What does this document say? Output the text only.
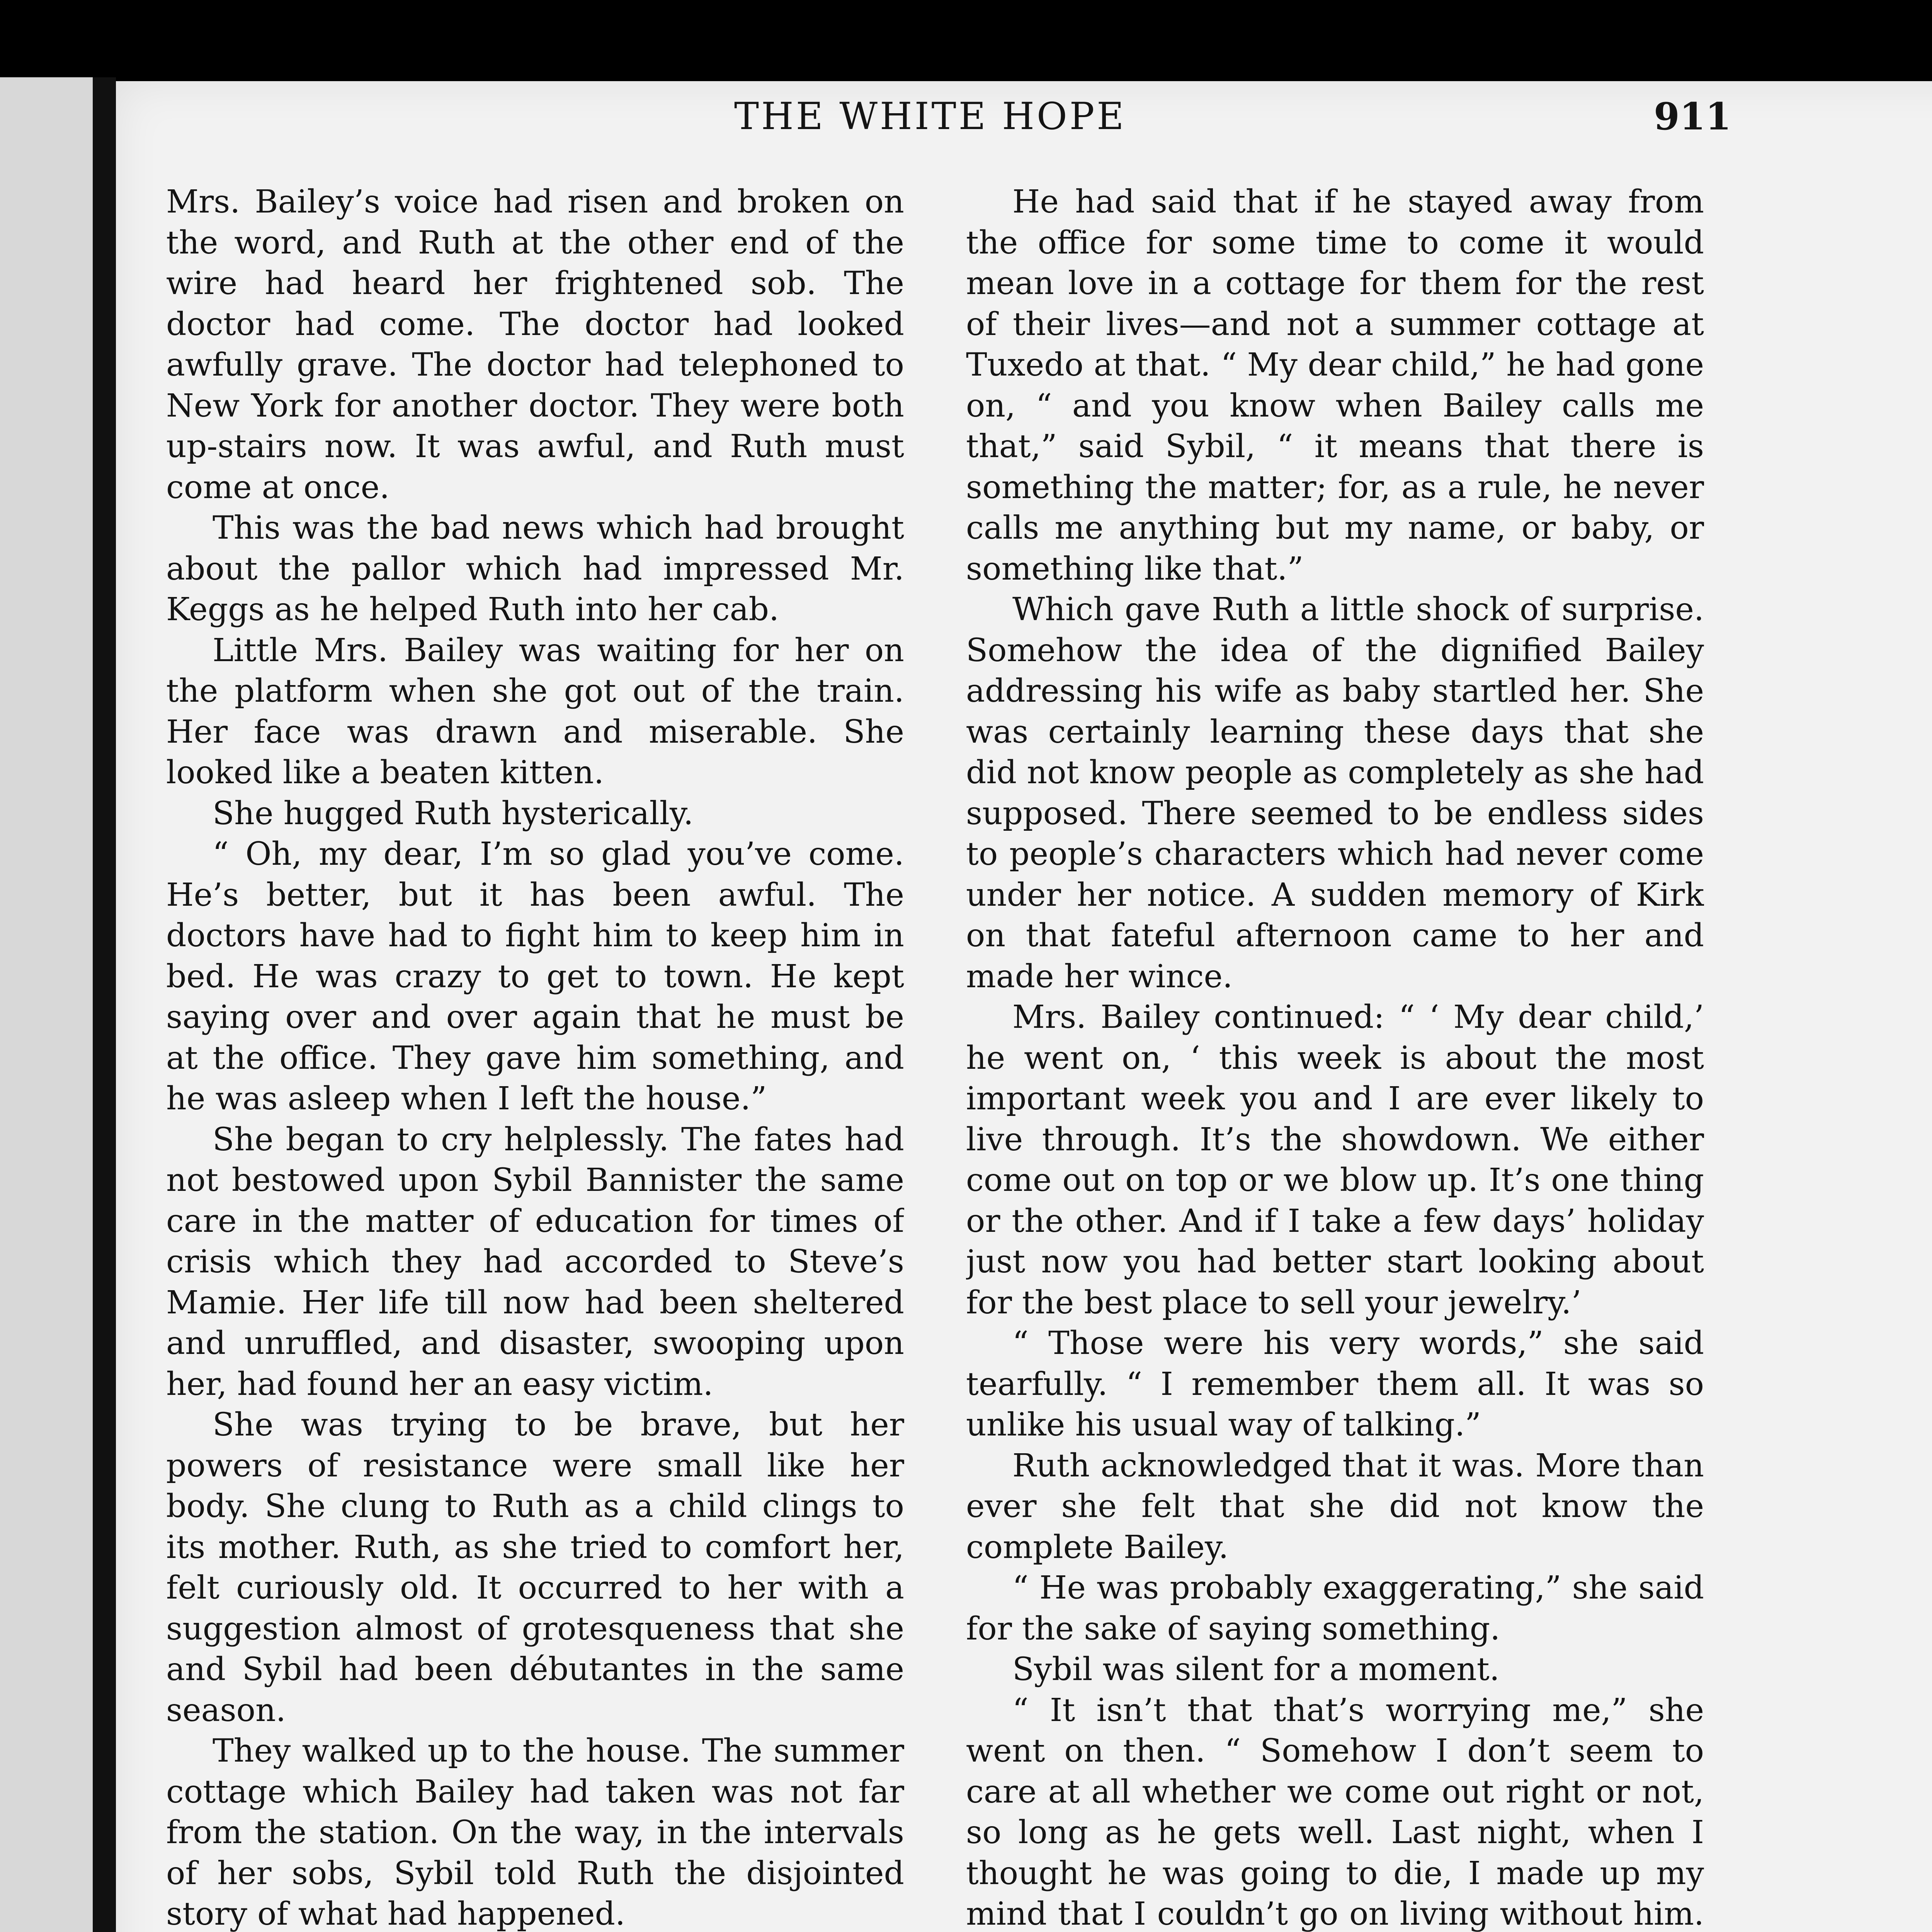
THE WHITE HOPE	911

Mrs. Bailey’s voice had risen and broken on the word, and Ruth at the other end of the wire had heard her frightened sob. The doctor had come. The doctor had looked awfully grave. The doctor had telephoned to New York for another doctor. They were both up-stairs now. It was awful, and Ruth must come at once.

This was the bad news which had brought about the pallor which had impressed Mr. Keggs as he helped Ruth into her cab.

Little Mrs. Bailey was waiting for her on the platform when she got out of the train. Her face was drawn and miserable. She looked like a beaten kitten.

She hugged Ruth hysterically.

“ Oh, my dear, I’m so glad you’ve come. He’s better, but it has been awful. The doctors have had to fight him to keep him in bed. He was crazy to get to town. He kept saying over and over again that he must be at the office. They gave him something, and he was asleep when I left the house.”

She began to cry helplessly. The fates had not bestowed upon Sybil Bannister the same care in the matter of education for times of crisis which they had accorded to Steve’s Mamie. Her life till now had been sheltered and unruffled, and disaster, swooping upon her, had found her an easy victim.

She was trying to be brave, but her powers of resistance were small like her body. She clung to Ruth as a child clings to its mother. Ruth, as she tried to comfort her, felt curiously old. It occurred to her with a suggestion almost of grotesqueness that she and Sybil had been débutantes in the same season.

They walked up to the house. The summer cottage which Bailey had taken was not far from the station. On the way, in the intervals of her sobs, Sybil told Ruth the disjointed story of what had happened.

He had said that if he stayed away from the office for some time to come it would mean love in a cottage for them for the rest of their lives—and not a summer cottage at Tuxedo at that. “ My dear child,” he had gone on, “ and you know when Bailey calls me that,” said Sybil, “ it means that there is something the matter; for, as a rule, he never calls me anything but my name, or baby, or something like that.”

Which gave Ruth a little shock of surprise. Somehow the idea of the dignified Bailey addressing his wife as baby startled her. She was certainly learning these days that she did not know people as completely as she had supposed. There seemed to be endless sides to people’s characters which had never come under her notice. A sudden memory of Kirk on that fateful afternoon came to her and made her wince.

Mrs. Bailey continued: “ ‘ My dear child,’ he went on, ‘ this week is about the most important week you and I are ever likely to live through. It’s the showdown. We either come out on top or we blow up. It’s one thing or the other. And if I take a few days’ holiday just now you had better start looking about for the best place to sell your jewelry.’

“ Those were his very words,” she said tearfully. “ I remember them all. It was so unlike his usual way of talking.”

Ruth acknowledged that it was. More than ever she felt that she did not know the complete Bailey.

“ He was probably exaggerating,” she said for the sake of saying something.

Sybil was silent for a moment.

“ It isn’t that that’s worrying me,” she went on then. “ Somehow I don’t seem to care at all whether we come out right or not, so long as he gets well. Last night, when I thought he was going to die, I made up my mind that I couldn’t go on living without him.
